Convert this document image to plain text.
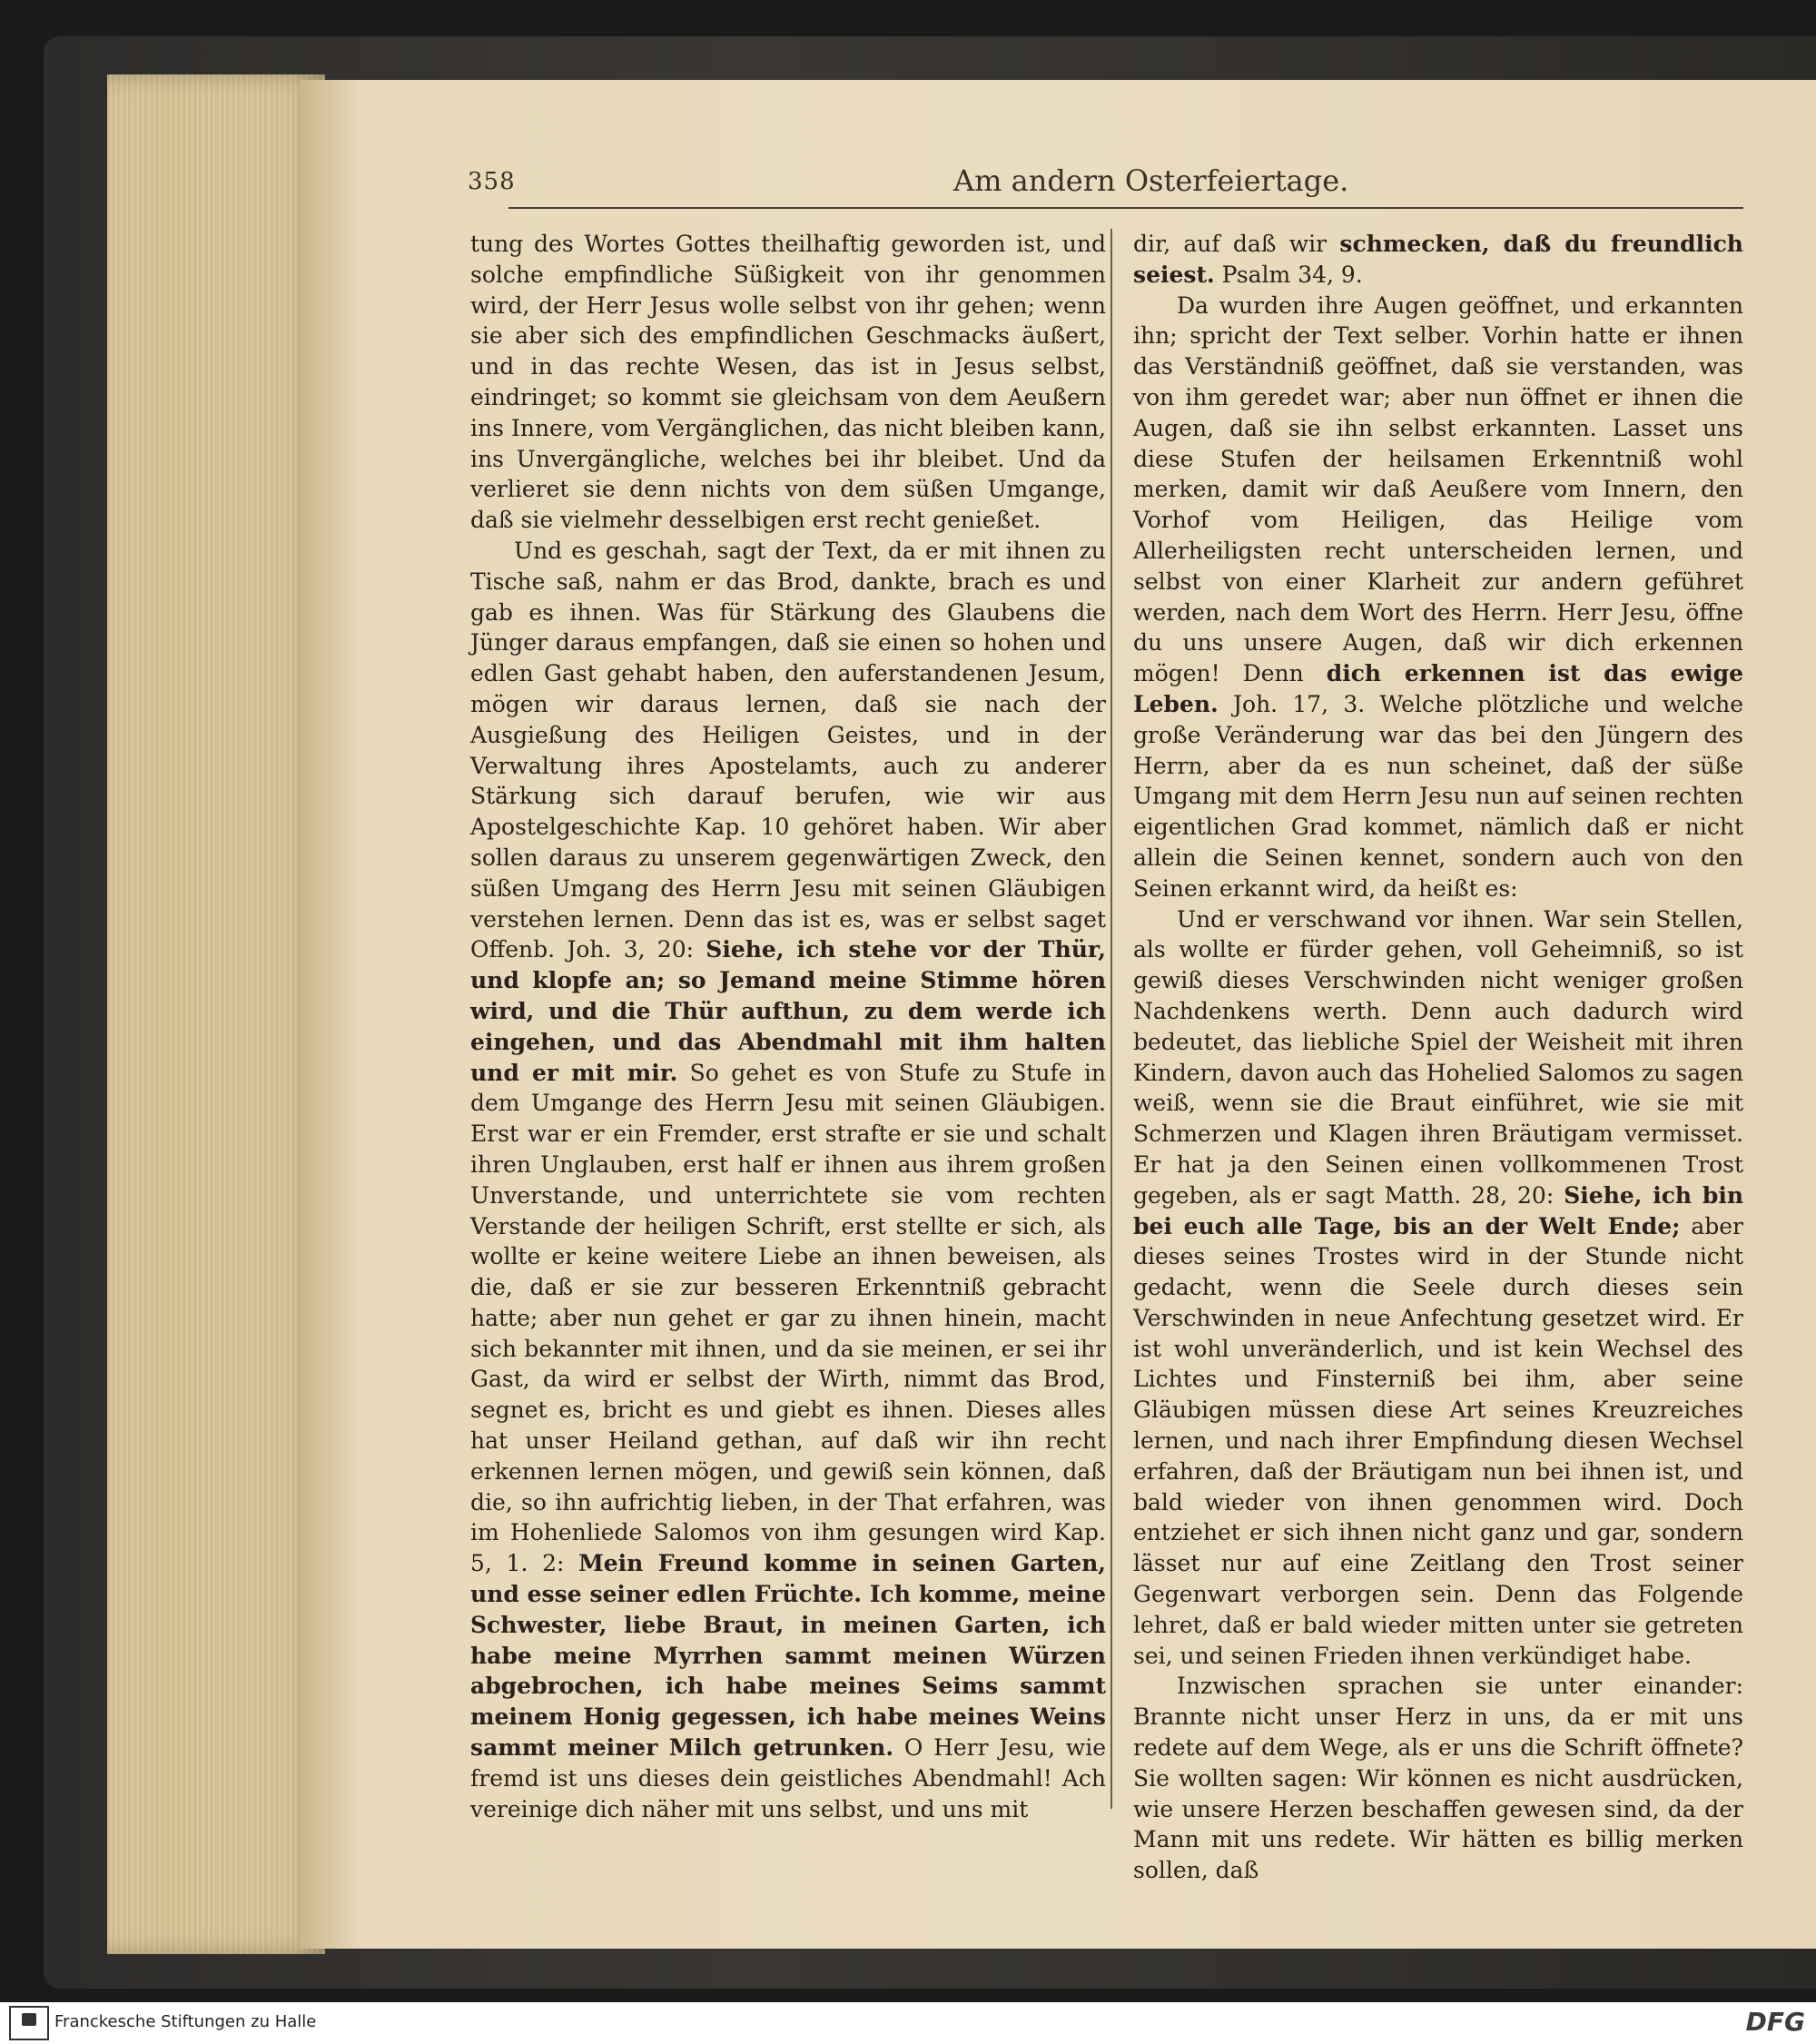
358	Am andern Osterfeiertage.

tung des Wortes Gottes theilhaftig geworden ist, und solche empfindliche Süßigkeit von ihr genommen wird, der Herr Jesus wolle selbst von ihr gehen; wenn sie aber sich des empfindlichen Geschmacks äußert, und in das rechte Wesen, das ist in Jesus selbst, eindringet; so kommt sie gleichsam von dem Aeußern ins Innere, vom Vergänglichen, das nicht bleiben kann, ins Unvergängliche, welches bei ihr bleibet. Und da verlieret sie denn nichts von dem süßen Umgange, daß sie vielmehr desselbigen erst recht genießet.

Und es geschah, sagt der Text, da er mit ihnen zu Tische saß, nahm er das Brod, dankte, brach es und gab es ihnen. Was für Stärkung des Glaubens die Jünger daraus empfangen, daß sie einen so hohen und edlen Gast gehabt haben, den auferstandenen Jesum, mögen wir daraus lernen, daß sie nach der Ausgießung des Heiligen Geistes, und in der Verwaltung ihres Apostelamts, auch zu anderer Stärkung sich darauf berufen, wie wir aus Apostelgeschichte Kap. 10 gehöret haben. Wir aber sollen daraus zu unserem gegenwärtigen Zweck, den süßen Umgang des Herrn Jesu mit seinen Gläubigen verstehen lernen. Denn das ist es, was er selbst saget Offenb. Joh. 3, 20: Siehe, ich stehe vor der Thür, und klopfe an; so Jemand meine Stimme hören wird, und die Thür aufthun, zu dem werde ich eingehen, und das Abendmahl mit ihm halten und er mit mir. So gehet es von Stufe zu Stufe in dem Umgange des Herrn Jesu mit seinen Gläubigen. Erst war er ein Fremder, erst strafte er sie und schalt ihren Unglauben, erst half er ihnen aus ihrem großen Unverstande, und unterrichtete sie vom rechten Verstande der heiligen Schrift, erst stellte er sich, als wollte er keine weitere Liebe an ihnen beweisen, als die, daß er sie zur besseren Erkenntniß gebracht hatte; aber nun gehet er gar zu ihnen hinein, macht sich bekannter mit ihnen, und da sie meinen, er sei ihr Gast, da wird er selbst der Wirth, nimmt das Brod, segnet es, bricht es und giebt es ihnen. Dieses alles hat unser Heiland gethan, auf daß wir ihn recht erkennen lernen mögen, und gewiß sein können, daß die, so ihn aufrichtig lieben, in der That erfahren, was im Hohenliede Salomos von ihm gesungen wird Kap. 5, 1. 2: Mein Freund komme in seinen Garten, und esse seiner edlen Früchte. Ich komme, meine Schwester, liebe Braut, in meinen Garten, ich habe meine Myrrhen sammt meinen Würzen abgebrochen, ich habe meines Seims sammt meinem Honig gegessen, ich habe meines Weins sammt meiner Milch getrunken. O Herr Jesu, wie fremd ist uns dieses dein geistliches Abendmahl! Ach vereinige dich näher mit uns selbst, und uns mit

dir, auf daß wir schmecken, daß du freundlich seiest. Psalm 34, 9.

Da wurden ihre Augen geöffnet, und erkannten ihn; spricht der Text selber. Vorhin hatte er ihnen das Verständniß geöffnet, daß sie verstanden, was von ihm geredet war; aber nun öffnet er ihnen die Augen, daß sie ihn selbst erkannten. Lasset uns diese Stufen der heilsamen Erkenntniß wohl merken, damit wir daß Aeußere vom Innern, den Vorhof vom Heiligen, das Heilige vom Allerheiligsten recht unterscheiden lernen, und selbst von einer Klarheit zur andern geführet werden, nach dem Wort des Herrn. Herr Jesu, öffne du uns unsere Augen, daß wir dich erkennen mögen! Denn dich erkennen ist das ewige Leben. Joh. 17, 3. Welche plötzliche und welche große Veränderung war das bei den Jüngern des Herrn, aber da es nun scheinet, daß der süße Umgang mit dem Herrn Jesu nun auf seinen rechten eigentlichen Grad kommet, nämlich daß er nicht allein die Seinen kennet, sondern auch von den Seinen erkannt wird, da heißt es:

Und er verschwand vor ihnen. War sein Stellen, als wollte er fürder gehen, voll Geheimniß, so ist gewiß dieses Verschwinden nicht weniger großen Nachdenkens werth. Denn auch dadurch wird bedeutet, das liebliche Spiel der Weisheit mit ihren Kindern, davon auch das Hohelied Salomos zu sagen weiß, wenn sie die Braut einführet, wie sie mit Schmerzen und Klagen ihren Bräutigam vermisset. Er hat ja den Seinen einen vollkommenen Trost gegeben, als er sagt Matth. 28, 20: Siehe, ich bin bei euch alle Tage, bis an der Welt Ende; aber dieses seines Trostes wird in der Stunde nicht gedacht, wenn die Seele durch dieses sein Verschwinden in neue Anfechtung gesetzet wird. Er ist wohl unveränderlich, und ist kein Wechsel des Lichtes und Finsterniß bei ihm, aber seine Gläubigen müssen diese Art seines Kreuzreiches lernen, und nach ihrer Empfindung diesen Wechsel erfahren, daß der Bräutigam nun bei ihnen ist, und bald wieder von ihnen genommen wird. Doch entziehet er sich ihnen nicht ganz und gar, sondern lässet nur auf eine Zeitlang den Trost seiner Gegenwart verborgen sein. Denn das Folgende lehret, daß er bald wieder mitten unter sie getreten sei, und seinen Frieden ihnen verkündiget habe.

Inzwischen sprachen sie unter einander: Brannte nicht unser Herz in uns, da er mit uns redete auf dem Wege, als er uns die Schrift öffnete? Sie wollten sagen: Wir können es nicht ausdrücken, wie unsere Herzen beschaffen gewesen sind, da der Mann mit uns redete. Wir hätten es billig merken sollen, daß

Franckesche Stiftungen zu Halle	DFG
